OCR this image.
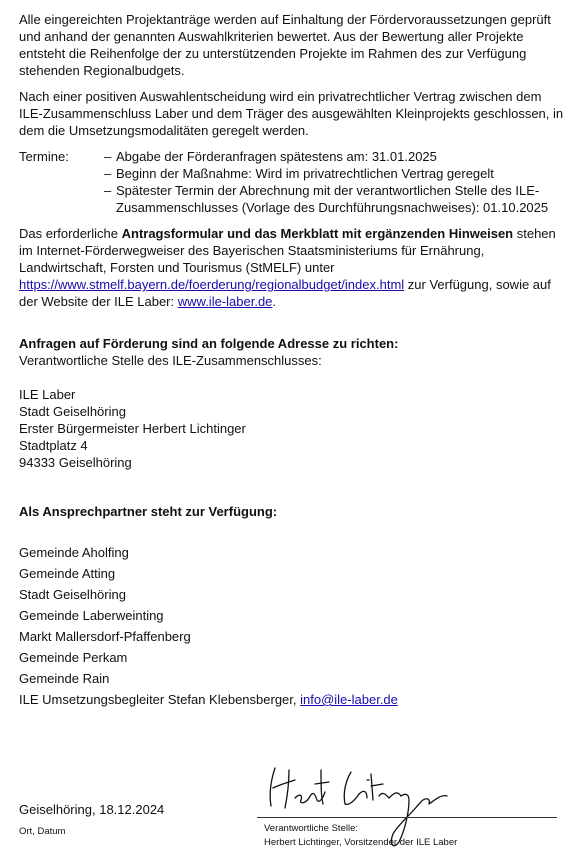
Alle eingereichten Projektanträge werden auf Einhaltung der Fördervoraussetzungen geprüft und anhand der genannten Auswahlkriterien bewertet. Aus der Bewertung aller Projekte entsteht die Reihenfolge der zu unterstützenden Projekte im Rahmen des zur Verfügung stehenden Regionalbudgets.

Nach einer positiven Auswahlentscheidung wird ein privatrechtlicher Vertrag zwischen dem ILE-Zusammenschluss Laber und dem Träger des ausgewählten Kleinprojekts geschlossen, in dem die Umsetzungsmodalitäten geregelt werden.

Termine:	– Abgabe der Förderanfragen spätestens am: 31.01.2025
– Beginn der Maßnahme: Wird im privatrechtlichen Vertrag geregelt
– Spätester Termin der Abrechnung mit der verantwortlichen Stelle des ILE-Zusammenschlusses (Vorlage des Durchführungsnachweises): 01.10.2025

Das erforderliche Antragsformular und das Merkblatt mit ergänzenden Hinweisen stehen im Internet-Förderwegweiser des Bayerischen Staatsministeriums für Ernährung, Landwirtschaft, Forsten und Tourismus (StMELF) unter https://www.stmelf.bayern.de/foerderung/regionalbudget/index.html zur Verfügung, sowie auf der Website der ILE Laber: www.ile-laber.de.

Anfragen auf Förderung sind an folgende Adresse zu richten:
Verantwortliche Stelle des ILE-Zusammenschlusses:
ILE Laber
Stadt Geiselhöring
Erster Bürgermeister Herbert Lichtinger
Stadtplatz 4
94333 Geiselhöring
Als Ansprechpartner steht zur Verfügung:
Gemeinde Aholfing
Gemeinde Atting
Stadt Geiselhöring
Gemeinde Laberweinting
Markt Mallersdorf-Pfaffenberg
Gemeinde Perkam
Gemeinde Rain
ILE Umsetzungsbegleiter Stefan Klebensberger, info@ile-laber.de
Geiselhöring, 18.12.2024
Ort, Datum	Verantwortliche Stelle:
Herbert Lichtinger, Vorsitzender der ILE Laber
